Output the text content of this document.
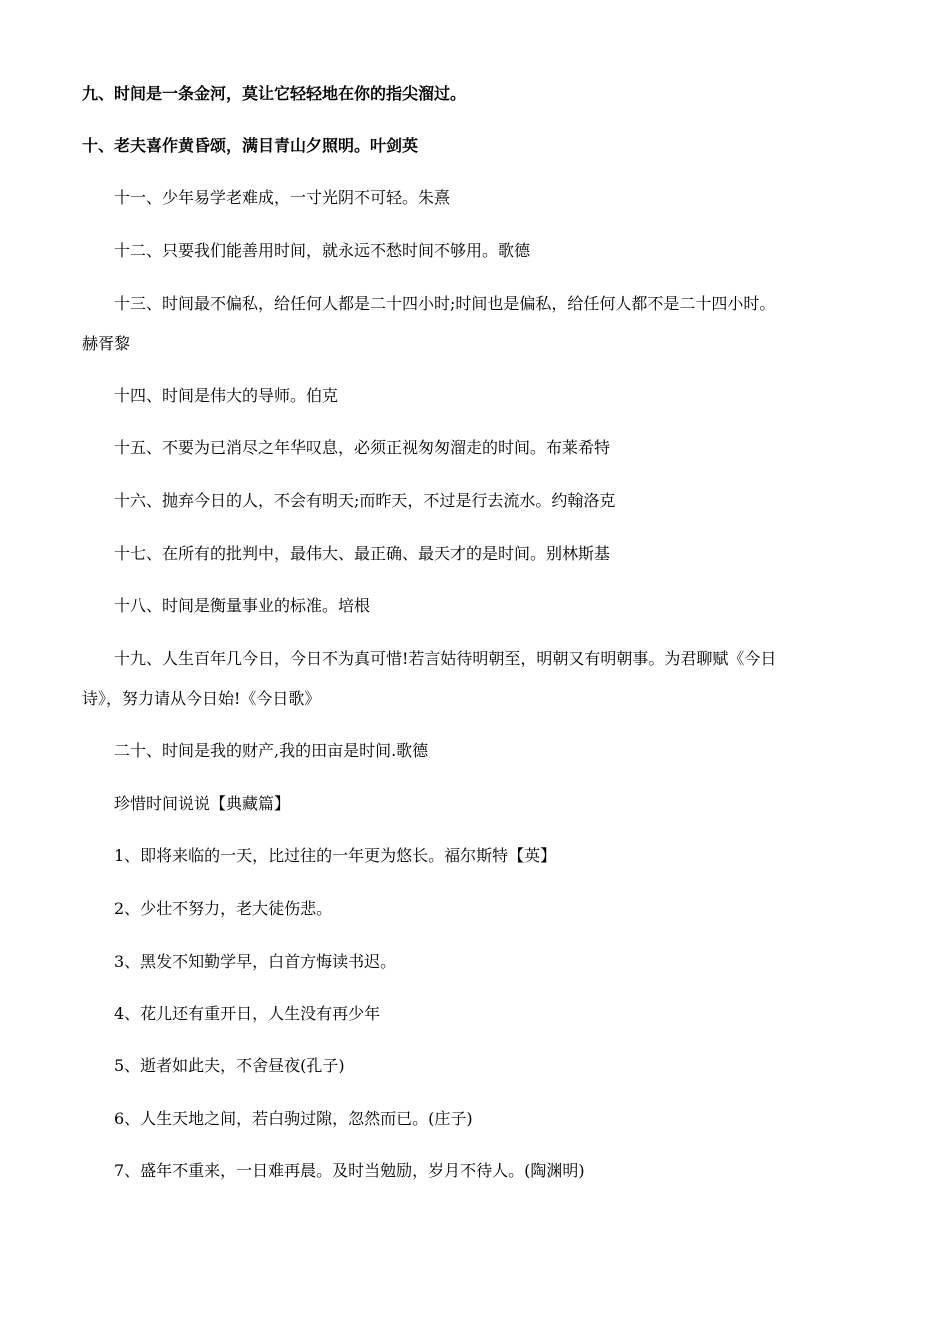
九、时间是一条金河，莫让它轻轻地在你的指尖溜过。
十、老夫喜作黄昏颂，满目青山夕照明。叶剑英
十一、少年易学老难成，一寸光阴不可轻。朱熹
十二、只要我们能善用时间，就永远不愁时间不够用。歌德
十三、时间最不偏私，给任何人都是二十四小时;时间也是偏私，给任何人都不是二十四小时。
赫胥黎
十四、时间是伟大的导师。伯克
十五、不要为已消尽之年华叹息，必须正视匆匆溜走的时间。布莱希特
十六、抛弃今日的人，不会有明天;而昨天，不过是行去流水。约翰洛克
十七、在所有的批判中，最伟大、最正确、最天才的是时间。别林斯基
十八、时间是衡量事业的标准。培根
十九、人生百年几今日，今日不为真可惜!若言姑待明朝至，明朝又有明朝事。为君聊赋《今日
诗》，努力请从今日始!《今日歌》
二十、时间是我的财产,我的田亩是时间.歌德
珍惜时间说说【典藏篇】
1、即将来临的一天，比过往的一年更为悠长。福尔斯特【英】
2、少壮不努力，老大徒伤悲。
3、黑发不知勤学早，白首方悔读书迟。
4、花儿还有重开日，人生没有再少年
5、逝者如此夫，不舍昼夜(孔子)
6、人生天地之间，若白驹过隙，忽然而已。(庄子)
7、盛年不重来，一日难再晨。及时当勉励，岁月不待人。(陶渊明)
